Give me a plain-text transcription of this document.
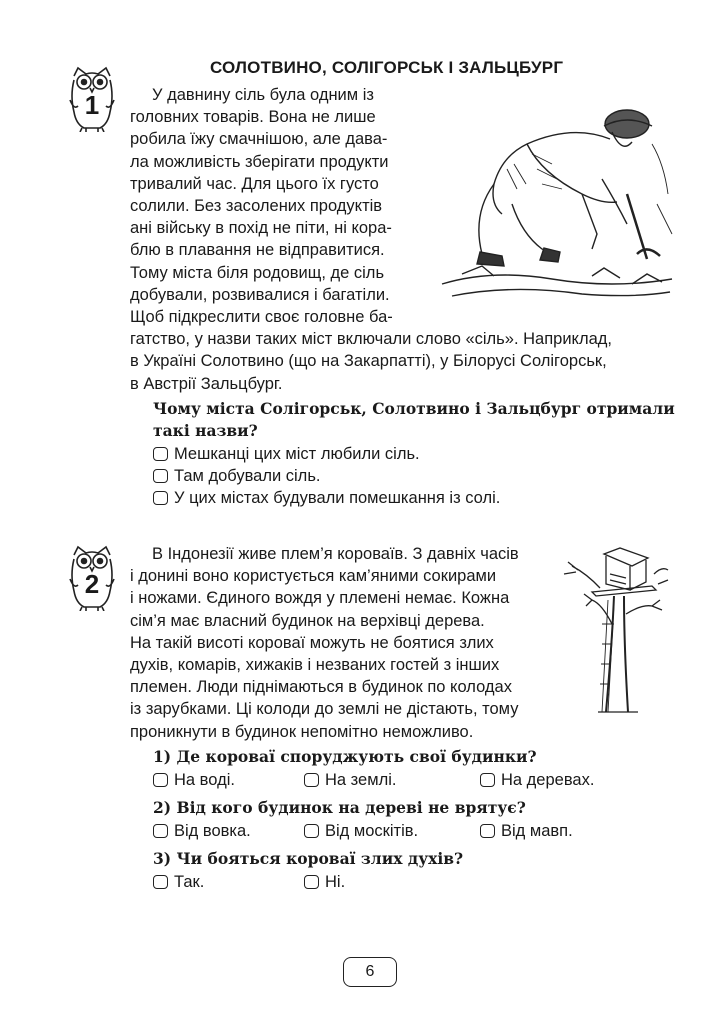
СОЛОТВИНО, СОЛІГОРСЬК І ЗАЛЬЦБУРГ
1	У давнину сіль була одним із
головних товарів. Вона не лише
робила їжу смачнішою, але дава-
ла можливість зберігати продукти
тривалий час. Для цього їх густо
солили. Без засолених продуктів
ані війську в похід не піти, ні кора-
блю в плавання не відправитися.
Тому міста біля родовищ, де сіль
добували, розвивалися і багатіли.
Щоб підкреслити своє головне ба-
гатство, у назви таких міст включали слово «сіль». Наприклад,
в Україні Солотвино (що на Закарпатті), у Білорусі Солігорськ,
в Австрії Зальцбург.
Чому міста Солігорськ, Солотвино і Зальцбург отримали
такі назви?
Мешканці цих міст любили сіль.
Там добували сіль.
У цих містах будували помешкання із солі.
2
В Індонезії живе плем’я короваїв. З давніх часів
і донині воно користується кам’яними сокирами
і ножами. Єдиного вождя у племені немає. Кожна
сім’я має власний будинок на верхівці дерева.
На такій висоті короваї можуть не боятися злих
духів, комарів, хижаків і незваних гостей з інших
племен. Люди піднімаються в будинок по колодах
із зарубками. Ці колоди до землі не дістають, тому
проникнути в будинок непомітно неможливо.
1) Де короваї споруджують свої будинки?
На воді.	На землі.	На деревах.
2) Від кого будинок на дереві не врятує?
Від вовка.	Від москітів.	Від мавп.
3) Чи бояться короваї злих духів?
Так.	Ні.
6
